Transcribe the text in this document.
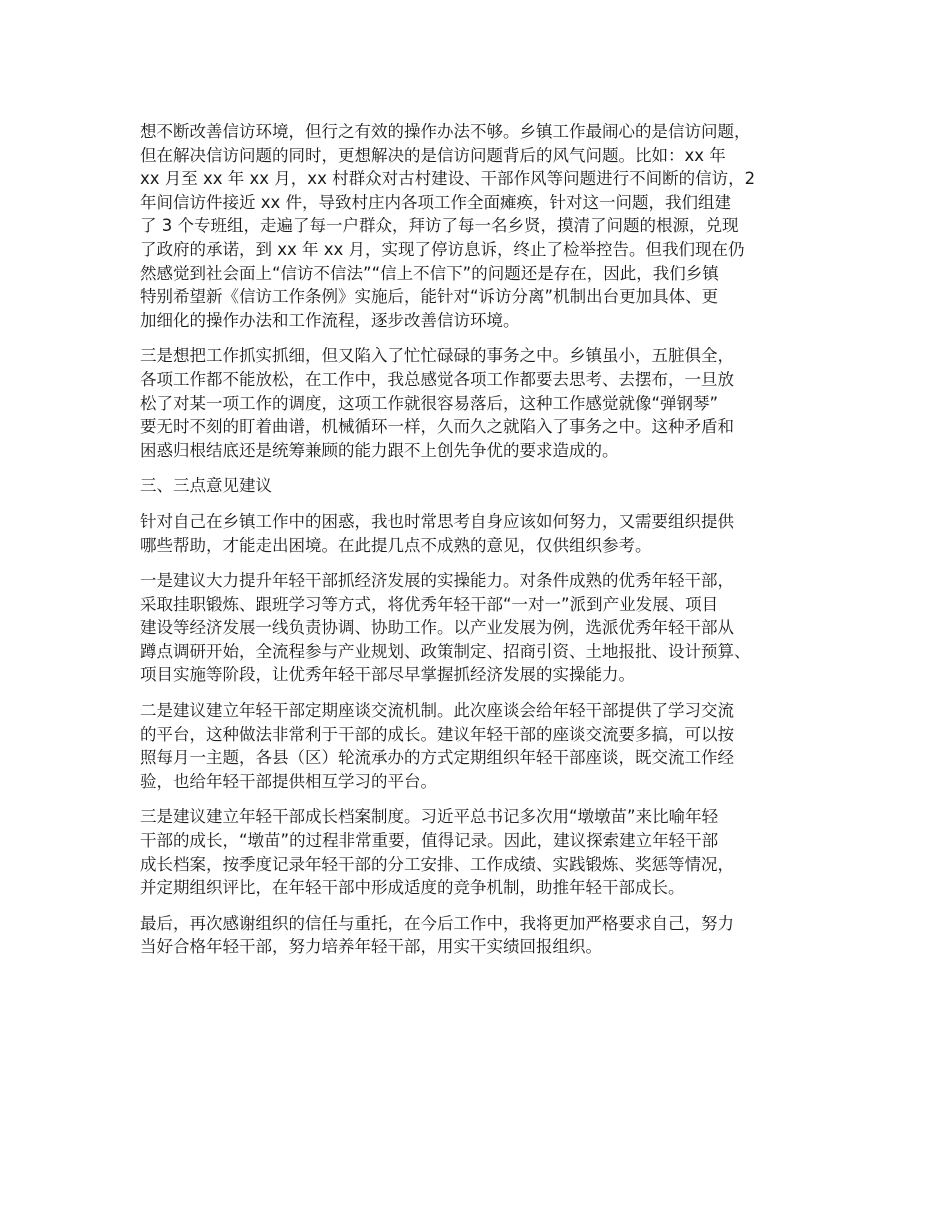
想不断改善信访环境，但行之有效的操作办法不够。乡镇工作最闹心的是信访问题，
但在解决信访问题的同时，更想解决的是信访问题背后的风气问题。比如：xx 年
xx 月至 xx 年 xx 月，xx 村群众对古村建设、干部作风等问题进行不间断的信访，2
年间信访件接近 xx 件，导致村庄内各项工作全面瘫痪，针对这一问题，我们组建
了 3 个专班组，走遍了每一户群众，拜访了每一名乡贤，摸清了问题的根源，兑现
了政府的承诺，到 xx 年 xx 月，实现了停访息诉，终止了检举控告。但我们现在仍
然感觉到社会面上“信访不信法”“信上不信下”的问题还是存在，因此，我们乡镇
特别希望新《信访工作条例》实施后，能针对“诉访分离”机制出台更加具体、更
加细化的操作办法和工作流程，逐步改善信访环境。

三是想把工作抓实抓细，但又陷入了忙忙碌碌的事务之中。乡镇虽小，五脏俱全，
各项工作都不能放松，在工作中，我总感觉各项工作都要去思考、去摆布，一旦放
松了对某一项工作的调度，这项工作就很容易落后，这种工作感觉就像“弹钢琴”
要无时不刻的盯着曲谱，机械循环一样，久而久之就陷入了事务之中。这种矛盾和
困惑归根结底还是统筹兼顾的能力跟不上创先争优的要求造成的。

三、三点意见建议

针对自己在乡镇工作中的困惑，我也时常思考自身应该如何努力，又需要组织提供
哪些帮助，才能走出困境。在此提几点不成熟的意见，仅供组织参考。

一是建议大力提升年轻干部抓经济发展的实操能力。对条件成熟的优秀年轻干部，
采取挂职锻炼、跟班学习等方式，将优秀年轻干部“一对一”派到产业发展、项目
建设等经济发展一线负责协调、协助工作。以产业发展为例，选派优秀年轻干部从
蹲点调研开始，全流程参与产业规划、政策制定、招商引资、土地报批、设计预算、
项目实施等阶段，让优秀年轻干部尽早掌握抓经济发展的实操能力。

二是建议建立年轻干部定期座谈交流机制。此次座谈会给年轻干部提供了学习交流
的平台，这种做法非常利于干部的成长。建议年轻干部的座谈交流要多搞，可以按
照每月一主题，各县（区）轮流承办的方式定期组织年轻干部座谈，既交流工作经
验，也给年轻干部提供相互学习的平台。

三是建议建立年轻干部成长档案制度。习近平总书记多次用“墩墩苗”来比喻年轻
干部的成长，“墩苗”的过程非常重要，值得记录。因此，建议探索建立年轻干部
成长档案，按季度记录年轻干部的分工安排、工作成绩、实践锻炼、奖惩等情况，
并定期组织评比，在年轻干部中形成适度的竞争机制，助推年轻干部成长。

最后，再次感谢组织的信任与重托，在今后工作中，我将更加严格要求自己，努力
当好合格年轻干部，努力培养年轻干部，用实干实绩回报组织。
